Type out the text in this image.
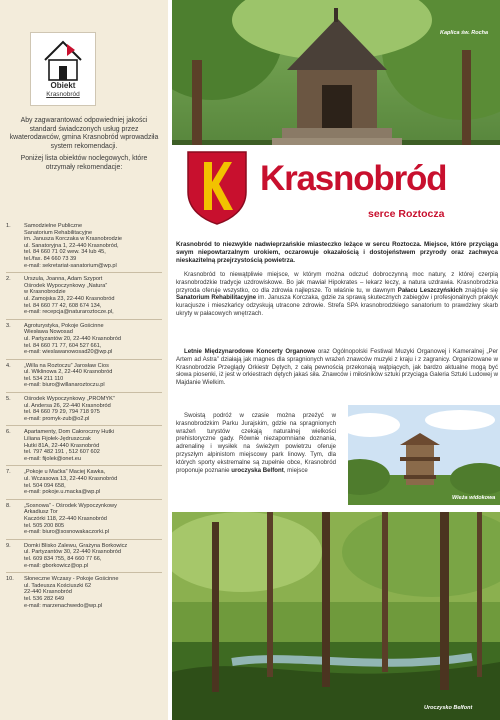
Obiekt
Krasnobród

Aby zagwarantować odpowiedniej jakości standard świadczonych usług przez kwaterodawców, gmina Krasnobród wprowadziła system rekomendacji.

Poniżej lista obiektów noclegowych, które otrzymały rekomendacje:

1.	Samodzielne Publiczne
Sanatorium Rehabilitacyjne
im. Janusza Korczaka w Krasnobrodzie
ul. Sanatoryjna 1, 22-440 Krasnobród,
tel. 84 660 71 02 wew. 34 lub 45,
tel./fax. 84 660 73 39
e-mail: sekretariat-sanatorium@wp.pl
2.	Urszula, Joanna, Adam Szyport
Ośrodek Wypoczynkowy „Natura”
w Krasnobrodzie
ul. Zamojska 23, 22-440 Krasnobród
tel. 84 660 77 42, 608 674 134,
e-mail: recepcja@naturaroztocze.pl,
3.	Agroturystyka, Pokoje Gościnne
Wiesława Nowosad
ul. Partyzantów 20, 22-440 Krasnobród
tel. 84 660 71 77, 604 527 661,
e-mail: wieslawanowosad20@wp.pl
4.	„Willa na Roztoczu” Jarosław Cios
ul. Wiklinowa 2, 22-440 Krasnobród
tel. 534 211 110
e-mail: biuro@willanaroztoczu.pl
5.	Ośrodek Wypoczynkowy „PROMYK”
ul. Andersa 26, 22-440 Krasnobród
tel. 84 660 79 29, 794 718 975
e-mail: promyk-zub@o2.pl
6.	Apartamenty, Dom Całoroczny Hutki
Liliana Fijołek-Jędruszczak
Hutki 81A, 22-440 Krasnobród
tel. 797 482 191 , 512 607 602
e-mail: fijolek@onet.eu
7.	„Pokoje u Maćka” Maciej Kawka,
ul. Wczasowa 13, 22-440 Krasnobród
tel. 504 094 658,
e-mail: pokoje.u.macka@wp.pl
8.	„Sosnowa” - Ośrodek Wypoczynkowy
Arkadiusz Tor
Kaczórki 118, 22-440 Krasnobród
tel. 505 200 805
e-mail: biuro@sosnowakaczorki.pl
9.	Domki Blisko Zalewu, Grażyna Borkowicz
ul. Partyzantów 30, 22-440 Krasnobród
tel. 609 834 755, 84 660 77 66,
e-mail: gborkowicz@op.pl
10.	Słoneczne Wczasy - Pokoje Gościnne
ul. Tadeusza Kościuszki 62
22-440 Krasnobród
tel. 536 282 649
e-mail: marzenachwedo@wp.pl
Kaplica św. Rocha
Krasnobród
serce Roztocza
Krasnobród to niezwykle nadwieprzańskie miasteczko leżące w sercu Roztocza. Miejsce, które przyciąga swym niepowtarzalnym urokiem, oczarowuje okazałością i dostojeństwem przyrody oraz zachwyca nieskazitelną przejrzystością powietrza.
Krasnobród to niewątpliwie miejsce, w którym można odczuć dobroczynną moc natury, z której czerpią krasnobrodzkie tradycje uzdrowiskowe. Bo jak mawiał Hipokrates – lekarz leczy, a natura uzdrawia. Krasnobrodzka przyroda oferuje wszystko, co dla zdrowia najlepsze. To właśnie tu, w dawnym Pałacu Leszczyńskich znajduje się Sanatorium Rehabilitacyjne im. Janusza Korczaka, gdzie za sprawą skutecznych zabiegów i profesjonalnych praktyk kuracjusze i mieszkańcy odzyskują utracone zdrowie. Strefa SPA krasnobrodzkiego sanatorium to prawdziwy skarb ukryty w pałacowych wnętrzach.
Letnie Międzynarodowe Koncerty Organowe oraz Ogólnopolski Festiwal Muzyki Organowej i Kameralnej „Per Artem ad Astra” działają jak magnes dla spragnionych wrażeń znawców muzyki z kraju i z zagranicy. Organizowane w Krasnobrodzie Przeglądy Orkiestr Dętych, z całą pewnością przekonają wątpiących, jak bardzo aktualne mogą być słowa piosenki, iż jest w orkiestrach dętych jakaś siła. Znawców i miłośników sztuki przyciąga Galeria Sztuki Ludowej w Majdanie Wielkim.
Swoistą podróż w czasie można przeżyć w krasnobrodzkim Parku Jurajskim, gdzie na spragnionych wrażeń turystów czekają naturalnej wielkości prehistoryczne gady. Równie niezapomniane doznania, adrenalinę i wysiłek na świeżym powietrzu oferuje przyszłym alpinistom miejscowy park linowy. Tym, dla których sporty ekstremalne są zupełnie obce, Krasnobród proponuje poznanie uroczyska Belfont, miejsce
Wieża widokowa
Uroczysko Belfont
